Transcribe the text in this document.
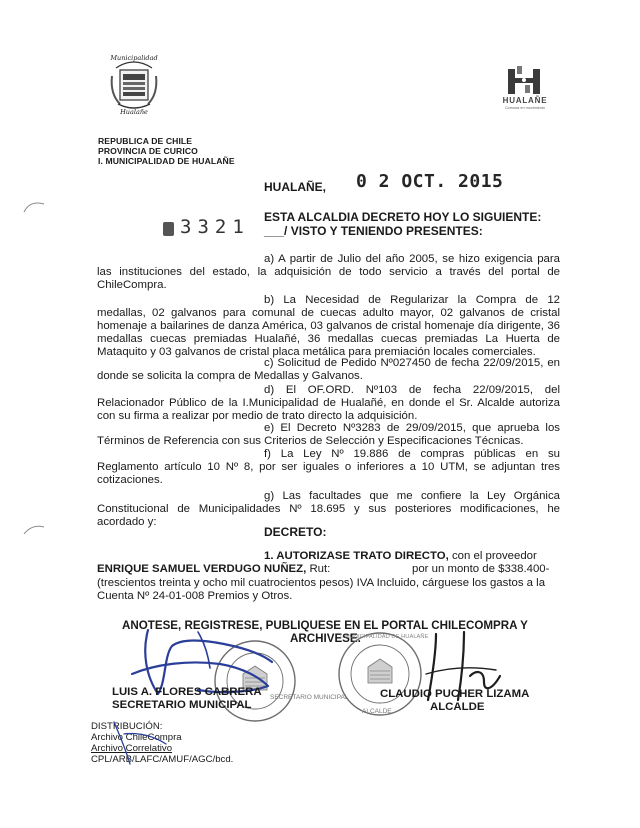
Municipalidad
Hualañe
HUALAÑE
Comuna en movimiento
REPUBLICA DE CHILE
PROVINCIA DE CURICO
I. MUNICIPALIDAD DE HUALAÑE
HUALAÑE, 0 2 OCT. 2015
3321 ESTA ALCALDIA DECRETO HOY LO SIGUIENTE:
___/ VISTO Y TENIENDO PRESENTES:
a) A partir de Julio del año 2005, se hizo exigencia para las instituciones del estado, la adquisición de todo servicio a través del portal de ChileCompra.
b) La Necesidad de Regularizar la Compra de 12 medallas, 02 galvanos para comunal de cuecas adulto mayor, 02 galvanos de cristal homenaje a bailarines de danza América, 03 galvanos de cristal homenaje día dirigente, 36 medallas cuecas premiadas Hualañé, 36 medallas cuecas premiadas La Huerta de Mataquito y 03 galvanos de cristal placa metálica para premiación locales comerciales.
c) Solicitud de Pedido Nº027450 de fecha 22/09/2015, en donde se solicita la compra de Medallas y Galvanos.
d) El OF.ORD. Nº103 de fecha 22/09/2015, del Relacionador Público de la I.Municipalidad de Hualañé, en donde el Sr. Alcalde autoriza con su firma a realizar por medio de trato directo la adquisición.
e) El Decreto Nº3283 de 29/09/2015, que aprueba los Términos de Referencia con sus Criterios de Selección y Especificaciones Técnicas.
f) La Ley Nº 19.886 de compras públicas en su Reglamento artículo 10 Nº 8, por ser iguales o inferiores a 10 UTM, se adjuntan tres cotizaciones.
g) Las facultades que me confiere la Ley Orgánica Constitucional de Municipalidades Nº 18.695 y sus posteriores modificaciones, he acordado y:
DECRETO:
1. AUTORIZASE TRATO DIRECTO, con el proveedor
ENRIQUE SAMUEL VERDUGO NUÑEZ, Rut:	por un monto de $338.400-
(trescientos treinta y ocho mil cuatrocientos pesos) IVA Incluido, cárguese los gastos a la
Cuenta Nº 24-01-008 Premios y Otros.
ANOTESE, REGISTRESE, PUBLIQUESE EN EL PORTAL CHILECOMPRA Y
ARCHIVESE.
SECRETARIO MUNICIPAL
ALCALDE
I. MUNICIPALIDAD DE HUALAÑE
LUIS A. FLORES CABRERA
SECRETARIO MUNICIPAL
CLAUDIO PUCHER LIZAMA
ALCALDE
DISTRIBUCIÓN:
Archivo ChileCompra
Archivo Correlativo
CPL/ARB/LAFC/AMUF/AGC/bcd.
